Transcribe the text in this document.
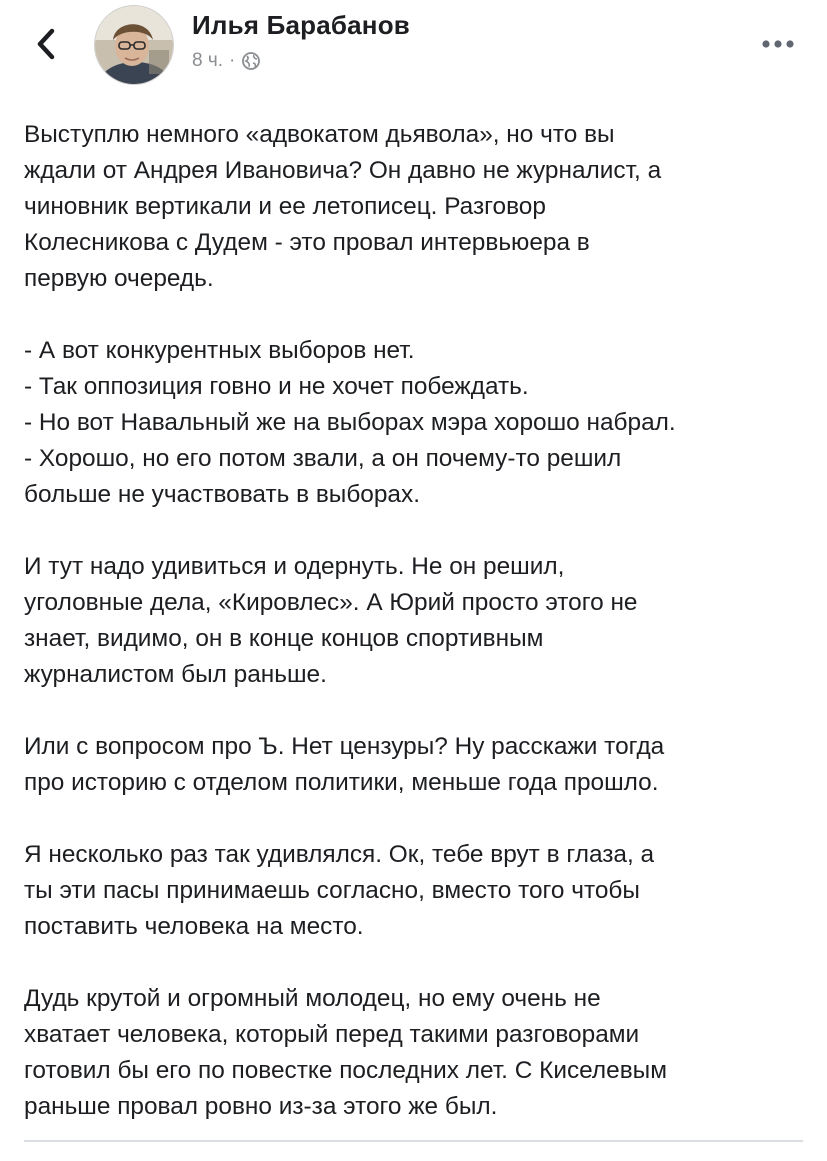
Илья Барабанов
8 ч. ·

Выступлю немного «адвокатом дьявола», но что вы
ждали от Андрея Ивановича? Он давно не журналист, а
чиновник вертикали и ее летописец. Разговор
Колесникова с Дудем - это провал интервьюера в
первую очередь.

- А вот конкурентных выборов нет.
- Так оппозиция говно и не хочет побеждать.
- Но вот Навальный же на выборах мэра хорошо набрал.
- Хорошо, но его потом звали, а он почему-то решил
больше не участвовать в выборах.

И тут надо удивиться и одернуть. Не он решил,
уголовные дела, «Кировлес». А Юрий просто этого не
знает, видимо, он в конце концов спортивным
журналистом был раньше.

Или с вопросом про Ъ. Нет цензуры? Ну расскажи тогда
про историю с отделом политики, меньше года прошло.

Я несколько раз так удивлялся. Ок, тебе врут в глаза, а
ты эти пасы принимаешь согласно, вместо того чтобы
поставить человека на место.

Дудь крутой и огромный молодец, но ему очень не
хватает человека, который перед такими разговорами
готовил бы его по повестке последних лет. С Киселевым
раньше провал ровно из-за этого же был.
